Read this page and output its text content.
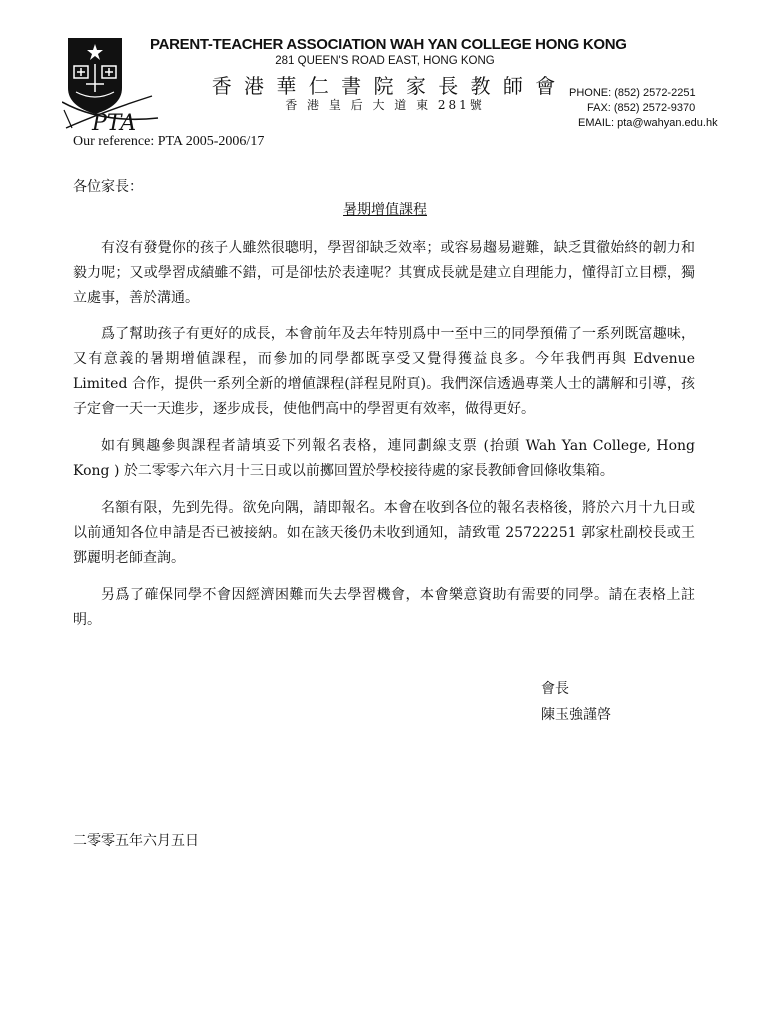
PTA
PARENT-TEACHER ASSOCIATION WAH YAN COLLEGE HONG KONG
281 QUEEN'S ROAD EAST, HONG KONG
香 港 華 仁 書 院 家 長 教 師 會
香 港 皇 后 大 道 東 281號
PHONE: (852) 2572-2251
FAX: (852) 2572-9370
EMAIL: pta@wahyan.edu.hk
Our reference: PTA 2005-2006/17
各位家長：
暑期增值課程

有沒有發覺你的孩子人雖然很聰明，學習卻缺乏效率；或容易趨易避難，缺乏貫徹始終的韌力和毅力呢；又或學習成績雖不錯，可是卻怯於表達呢？其實成長就是建立自理能力，懂得訂立目標，獨立處事，善於溝通。

爲了幫助孩子有更好的成長，本會前年及去年特別爲中一至中三的同學預備了一系列既富趣味，又有意義的暑期增値課程，而參加的同學都既享受又覺得獲益良多。今年我們再與 Edvenue Limited 合作，提供一系列全新的增値課程(詳程見附頁)。我們深信透過專業人士的講解和引導，孩子定會一天一天進步，逐步成長，使他們高中的學習更有效率，做得更好。

如有興趣參與課程者請填妥下列報名表格，連同劃線支票 (抬頭 Wah Yan College, Hong Kong ) 於二零零六年六月十三日或以前擲回置於學校接待處的家長教師會回條收集箱。

名額有限，先到先得。欲免向隅，請即報名。本會在收到各位的報名表格後，將於六月十九日或以前通知各位申請是否已被接納。如在該天後仍未收到通知，請致電 25722251 郭家杜副校長或王鄧麗明老師查詢。

另爲了確保同學不會因經濟困難而失去學習機會，本會樂意資助有需要的同學。請在表格上註明。

會長
陳玉強謹啓
二零零五年六月五日
